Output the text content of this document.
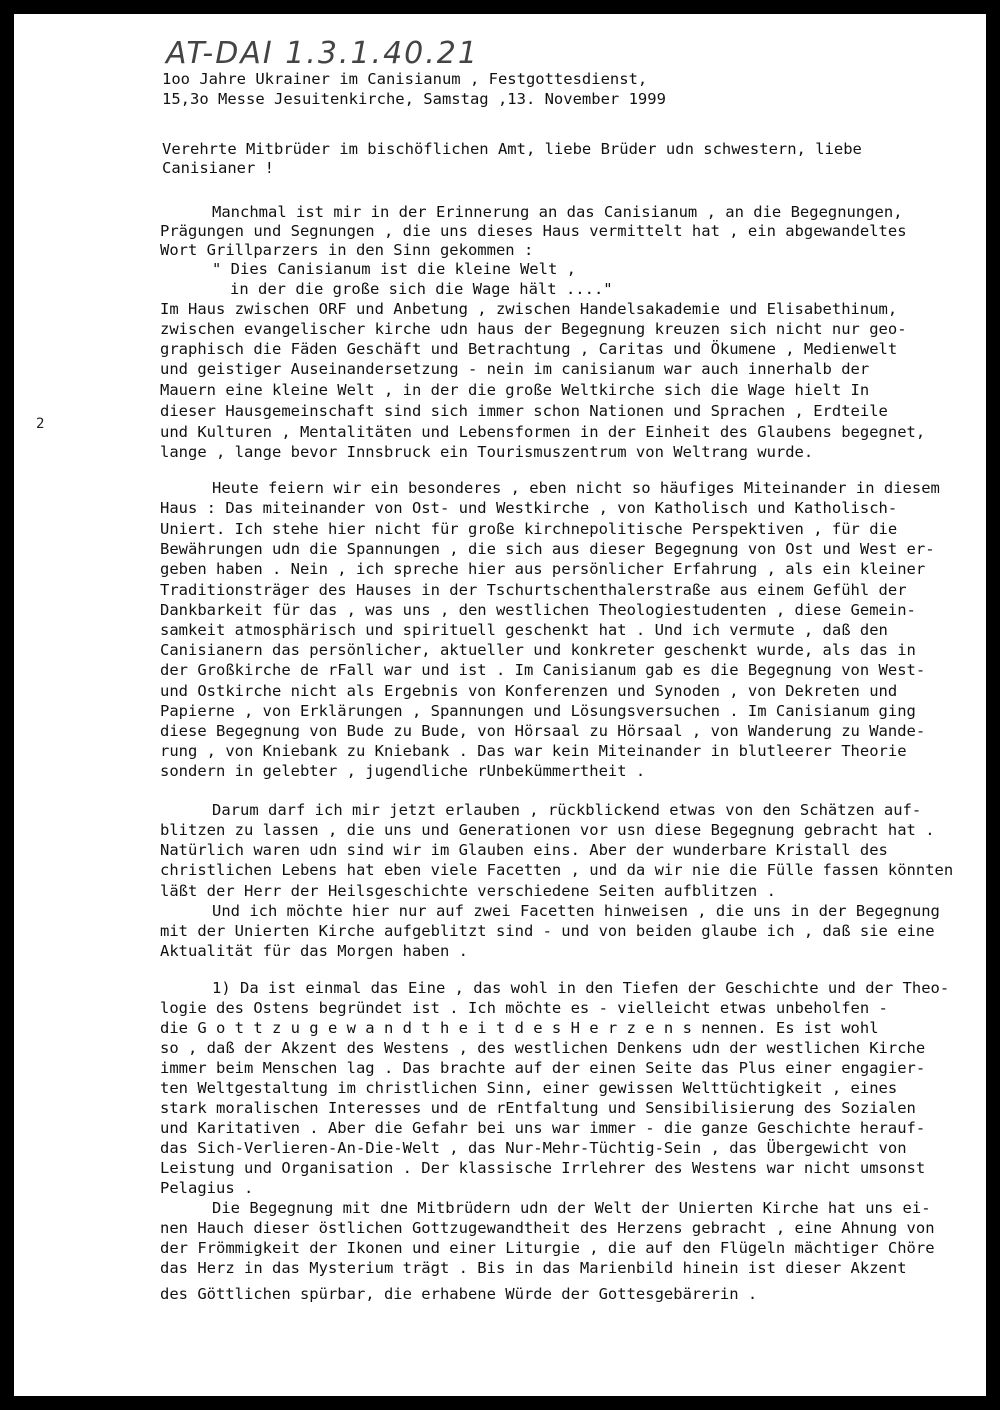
AT-DAI 1.3.1.40.21
2
1oo Jahre Ukrainer im Canisianum , Festgottesdienst,
15,3o Messe Jesuitenkirche, Samstag ,13. November 1999
Verehrte Mitbrüder im bischöflichen Amt, liebe Brüder udn schwestern, liebe
Canisianer !
Manchmal ist mir in der Erinnerung an das Canisianum , an die Begegnungen,
Prägungen und Segnungen , die uns dieses Haus vermittelt hat , ein abgewandeltes
Wort Grillparzers in den Sinn gekommen :
" Dies Canisianum ist die kleine Welt ,
in der die große sich die Wage hält ...."
Im Haus zwischen ORF und Anbetung , zwischen Handelsakademie und Elisabethinum,
zwischen evangelischer kirche udn haus der Begegnung kreuzen sich nicht nur geo-
graphisch die Fäden Geschäft und Betrachtung , Caritas und Ökumene , Medienwelt
und geistiger Auseinandersetzung - nein im canisianum war auch innerhalb der
Mauern eine kleine Welt , in der die große Weltkirche sich die Wage hielt In
dieser Hausgemeinschaft sind sich immer schon Nationen und Sprachen , Erdteile
und Kulturen , Mentalitäten und Lebensformen in der Einheit des Glaubens begegnet,
lange , lange bevor Innsbruck ein Tourismuszentrum von Weltrang wurde.
Heute feiern wir ein besonderes , eben nicht so häufiges Miteinander in diesem
Haus : Das miteinander von Ost- und Westkirche , von Katholisch und Katholisch-
Uniert. Ich stehe hier nicht für große kirchnepolitische Perspektiven , für die
Bewährungen udn die Spannungen , die sich aus dieser Begegnung von Ost und West er-
geben haben . Nein , ich spreche hier aus persönlicher Erfahrung , als ein kleiner
Traditionsträger des Hauses in der Tschurtschenthalerstraße aus einem Gefühl der
Dankbarkeit für das , was uns , den westlichen Theologiestudenten , diese Gemein-
samkeit atmosphärisch und spirituell geschenkt hat . Und ich vermute , daß den
Canisianern das persönlicher, aktueller und konkreter geschenkt wurde, als das in
der Großkirche de rFall war und ist . Im Canisianum gab es die Begegnung von West-
und Ostkirche nicht als Ergebnis von Konferenzen und Synoden , von Dekreten und
Papierne , von Erklärungen , Spannungen und Lösungsversuchen . Im Canisianum ging
diese Begegnung von Bude zu Bude, von Hörsaal zu Hörsaal , von Wanderung zu Wande-
rung , von Kniebank zu Kniebank . Das war kein Miteinander in blutleerer Theorie
sondern in gelebter , jugendliche rUnbekümmertheit .
Darum darf ich mir jetzt erlauben , rückblickend etwas von den Schätzen auf-
blitzen zu lassen , die uns und Generationen vor usn diese Begegnung gebracht hat .
Natürlich waren udn sind wir im Glauben eins. Aber der wunderbare Kristall des
christlichen Lebens hat eben viele Facetten , und da wir nie die Fülle fassen könnten
läßt der Herr der Heilsgeschichte verschiedene Seiten aufblitzen .
Und ich möchte hier nur auf zwei Facetten hinweisen , die uns in der Begegnung
mit der Unierten Kirche aufgeblitzt sind - und von beiden glaube ich , daß sie eine
Aktualität für das Morgen haben .
1) Da ist einmal das Eine , das wohl in den Tiefen der Geschichte und der Theo-
logie des Ostens begründet ist . Ich möchte es - vielleicht etwas unbeholfen -
die G o t t z u g e w a n d t h e i t d e s H e r z e n s nennen. Es ist wohl
so , daß der Akzent des Westens , des westlichen Denkens udn der westlichen Kirche
immer beim Menschen lag . Das brachte auf der einen Seite das Plus einer engagier-
ten Weltgestaltung im christlichen Sinn, einer gewissen Welttüchtigkeit , eines
stark moralischen Interesses und de rEntfaltung und Sensibilisierung des Sozialen
und Karitativen . Aber die Gefahr bei uns war immer - die ganze Geschichte herauf-
das Sich-Verlieren-An-Die-Welt , das Nur-Mehr-Tüchtig-Sein , das Übergewicht von
Leistung und Organisation . Der klassische Irrlehrer des Westens war nicht umsonst
Pelagius .
Die Begegnung mit dne Mitbrüdern udn der Welt der Unierten Kirche hat uns ei-
nen Hauch dieser östlichen Gottzugewandtheit des Herzens gebracht , eine Ahnung von
der Frömmigkeit der Ikonen und einer Liturgie , die auf den Flügeln mächtiger Chöre
das Herz in das Mysterium trägt . Bis in das Marienbild hinein ist dieser Akzent
des Göttlichen spürbar, die erhabene Würde der Gottesgebärerin .
